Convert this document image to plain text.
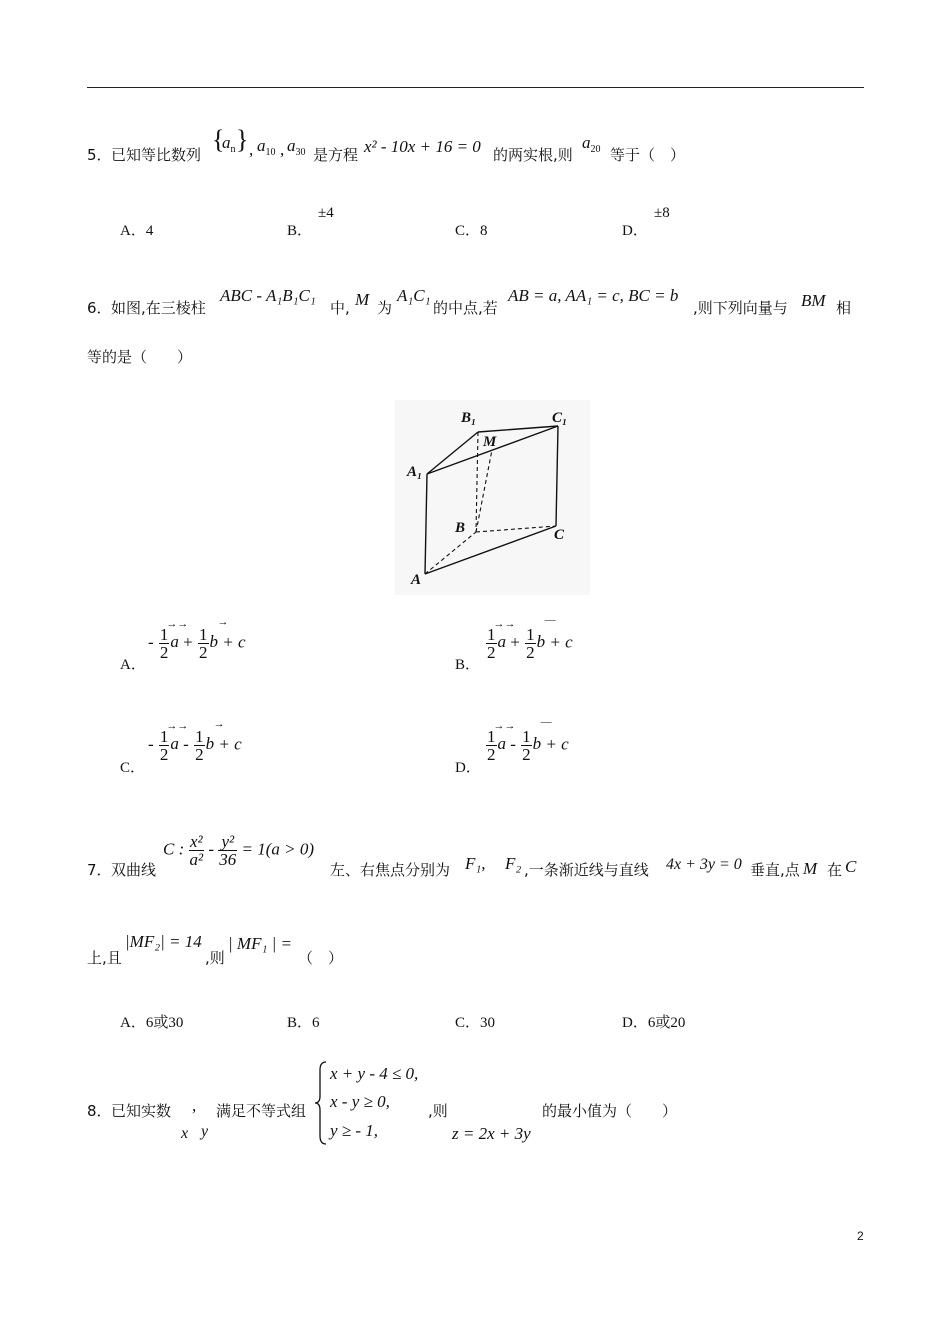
5． 已知等比数列
{
$a_n$ } , $a_{10}$ , $a_{30}$ 是方程 x² - 10x + 16 = 0 的两实根,则
$a_{20}$ 等于（　）
A．4	B．
±4
C．8	D．
±8
6． 如图,在三棱柱
ABC - A₁B₁C₁
中, M 为
A₁C₁
的中点,若
AB = a, AA₁ = c, BC = b
,则下列向量与 BM 相
等的是（　　）
B₁	C₁
M
A₁
B	C
A
A．
- $\frac{1}{2}$
→→
$a + \frac{1}{2}$
→
b + c
B．
$\frac{1}{2}$
→→
$a + \frac{1}{2}$
—
b + c
C．
- $\frac{1}{2}$
→→
a - $\frac{1}{2}$
→
b + c
D．
$\frac{1}{2}$
→→
a - $\frac{1}{2}$
—
b + c
7． 双曲线
C : $\frac{\text{x²}}{\text{a²}} - \frac{\text{y²}}{36} = 1(a > 0)$
左、右焦点分别为 F₁, F₂ ,一条渐近线与直线 4x + 3y = 0 垂直,点 M 在 C
上,且
|MF₂| = 14
,则
| MF₁ | =
（　）
A．6或30	B．6	C．30	D．6或20
8． 已知实数 , 满足不等式组
x y
x + y - 4 ≤ 0,
x - y ≥ 0,
y ≥ - 1,
,则
z = 2x + 3y
的最小值为（　　）
2
